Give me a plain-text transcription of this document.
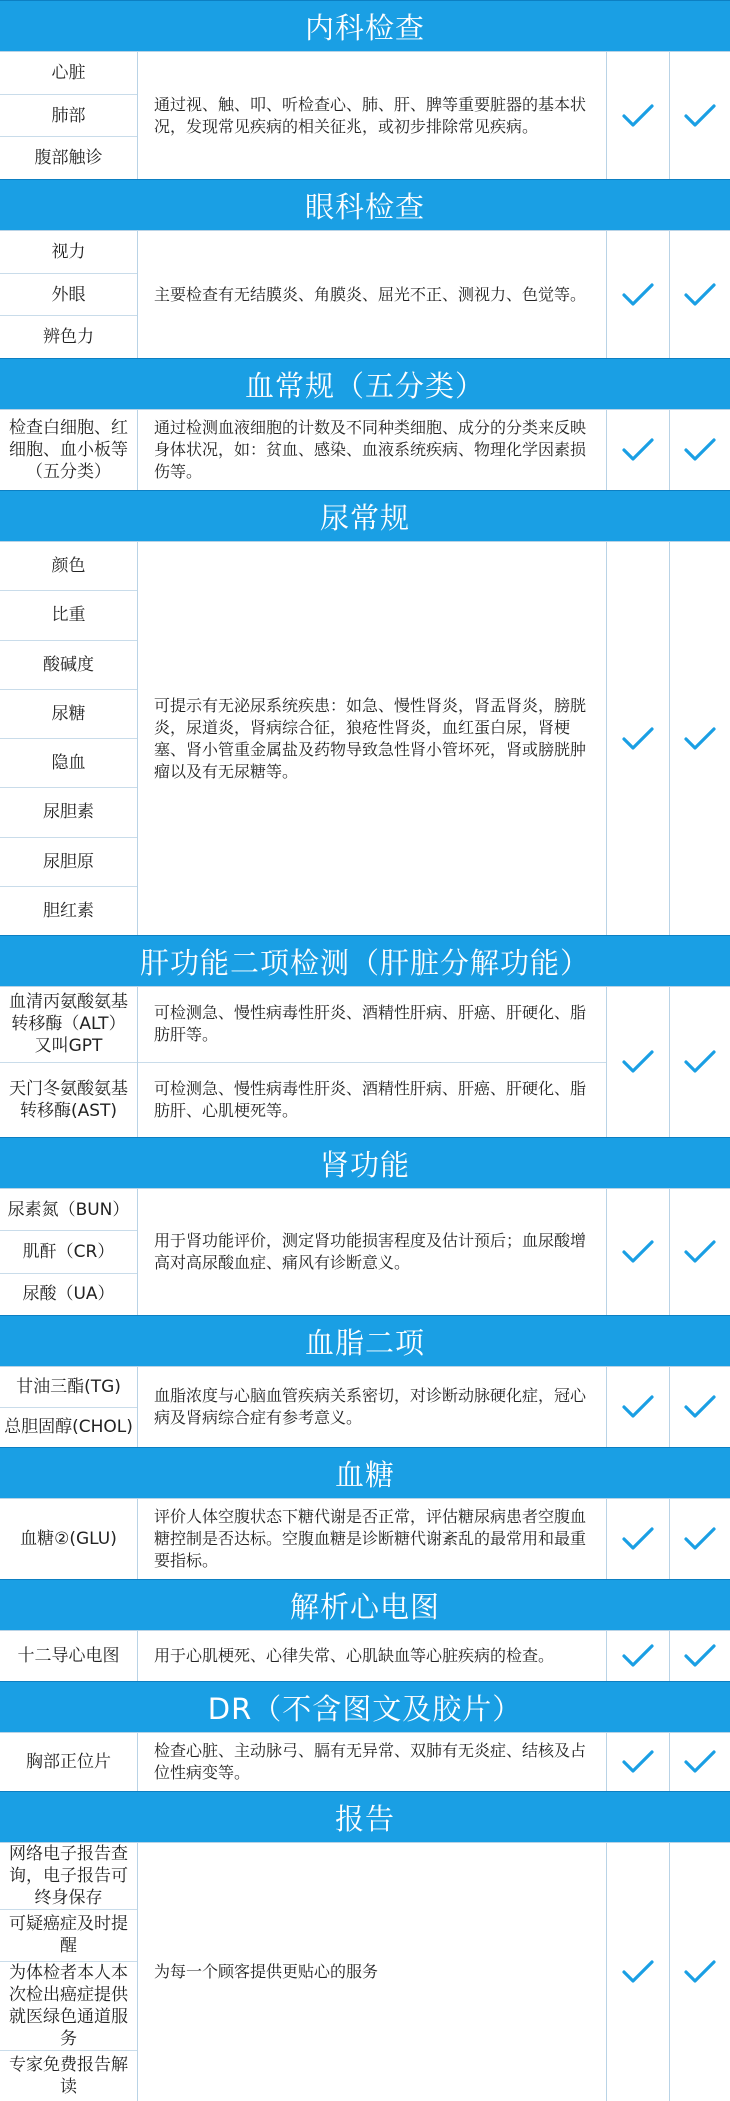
内科检查
心脏
肺部
腹部触诊
通过视、触、叩、听检查心、肺、肝、脾等重要脏器的基本状况，发现常见疾病的相关征兆，或初步排除常见疾病。
眼科检查
视力
外眼
辨色力
主要检查有无结膜炎、角膜炎、屈光不正、测视力、色觉等。
血常规（五分类）
检查白细胞、红细胞、血小板等（五分类）
通过检测血液细胞的计数及不同种类细胞、成分的分类来反映身体状况，如：贫血、感染、血液系统疾病、物理化学因素损伤等。
尿常规
颜色
比重
酸碱度
尿糖
隐血
尿胆素
尿胆原
胆红素
可提示有无泌尿系统疾患：如急、慢性肾炎，肾盂肾炎，膀胱炎，尿道炎，肾病综合征，狼疮性肾炎，血红蛋白尿，肾梗塞、肾小管重金属盐及药物导致急性肾小管坏死，肾或膀胱肿瘤以及有无尿糖等。
肝功能二项检测（肝脏分解功能）
血清丙氨酸氨基转移酶（ALT）又叫GPT
天门冬氨酸氨基转移酶(AST)
可检测急、慢性病毒性肝炎、酒精性肝病、肝癌、肝硬化、脂肪肝等。
可检测急、慢性病毒性肝炎、酒精性肝病、肝癌、肝硬化、脂肪肝、心肌梗死等。
肾功能
尿素氮（BUN）
肌酐（CR）
尿酸（UA）
用于肾功能评价，测定肾功能损害程度及估计预后；血尿酸增高对高尿酸血症、痛风有诊断意义。
血脂二项
甘油三酯(TG)
总胆固醇(CHOL)
血脂浓度与心脑血管疾病关系密切，对诊断动脉硬化症，冠心病及肾病综合症有参考意义。
血糖
血糖②(GLU)
评价人体空腹状态下糖代谢是否正常，评估糖尿病患者空腹血糖控制是否达标。空腹血糖是诊断糖代谢紊乱的最常用和最重要指标。
解析心电图
十二导心电图	用于心肌梗死、心律失常、心肌缺血等心脏疾病的检查。
DR（不含图文及胶片）
胸部正位片
检查心脏、主动脉弓、膈有无异常、双肺有无炎症、结核及占位性病变等。
报告
网络电子报告查询，电子报告可终身保存
可疑癌症及时提醒
为体检者本人本次检出癌症提供就医绿色通道服务
专家免费报告解读
为每一个顾客提供更贴心的服务
